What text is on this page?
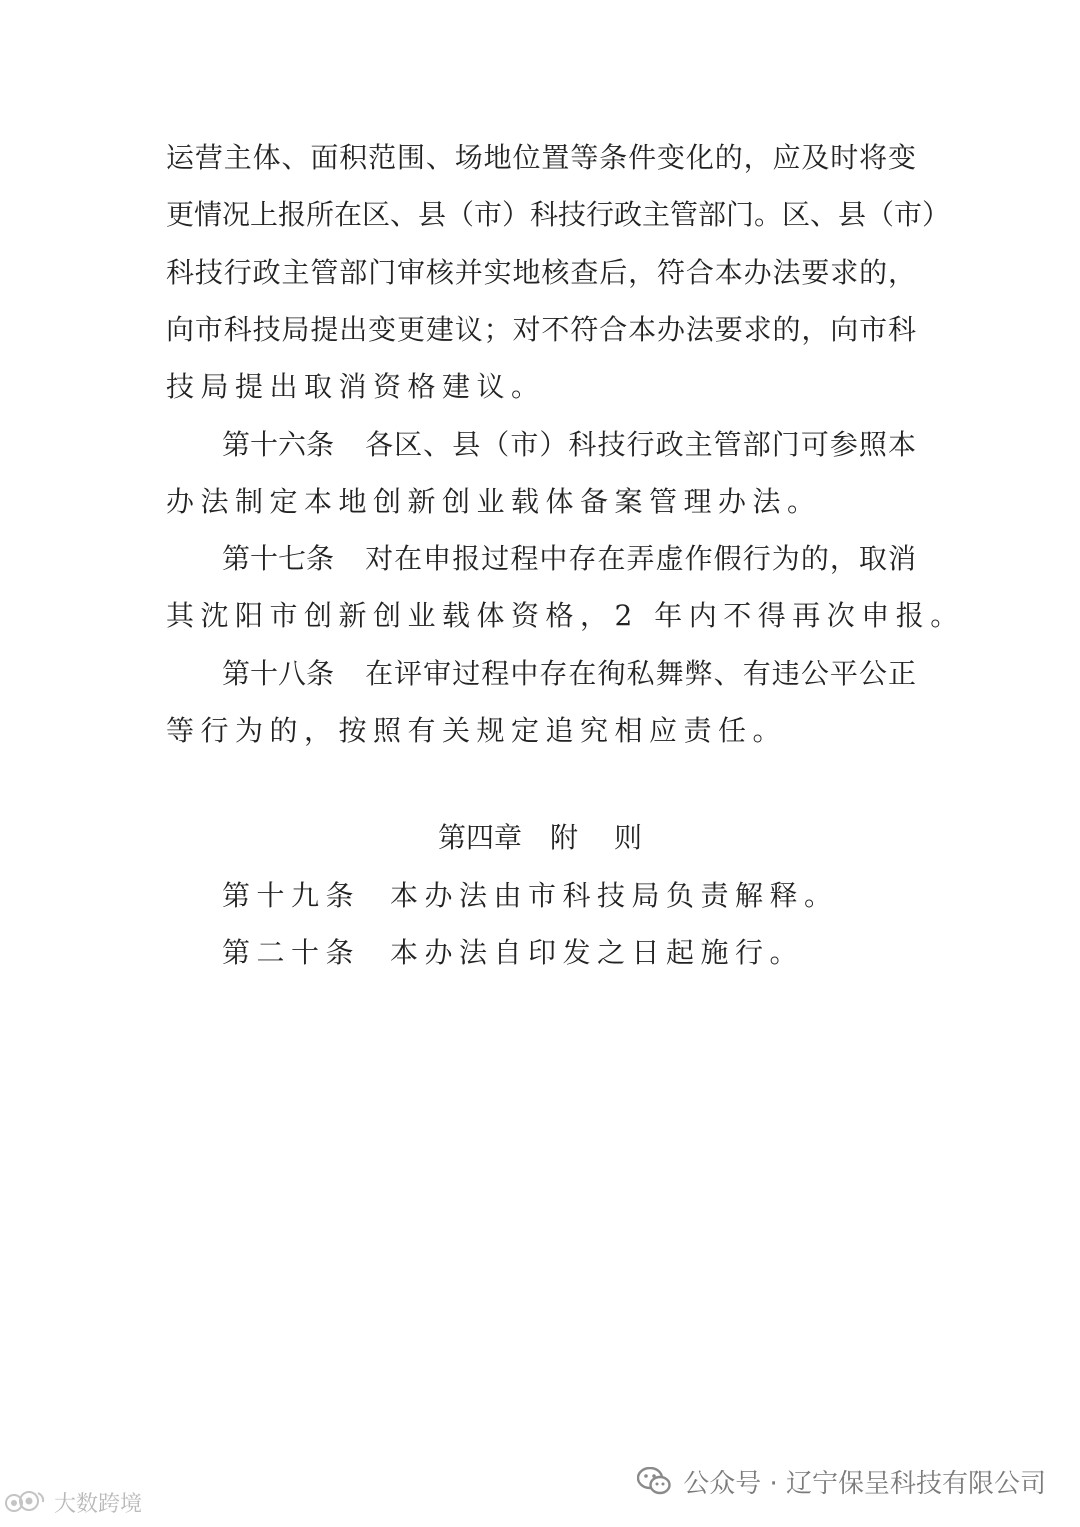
运营主体、面积范围、场地位置等条件变化的，应及时将变
更情况上报所在区、县（市）科技行政主管部门。区、县（市）
科技行政主管部门审核并实地核查后，符合本办法要求的，
向市科技局提出变更建议；对不符合本办法要求的，向市科
技局提出取消资格建议。
第十六条 各区、县（市）科技行政主管部门可参照本
办法制定本地创新创业载体备案管理办法。
第十七条 对在申报过程中存在弄虚作假行为的，取消
其沈阳市创新创业载体资格，2 年内不得再次申报。
第十八条 在评审过程中存在徇私舞弊、有违公平公正
等行为的，按照有关规定追究相应责任。
第四章 附 则
第十九条 本办法由市科技局负责解释。
第二十条 本办法自印发之日起施行。
公众号 · 辽宁保呈科技有限公司
大数跨境
